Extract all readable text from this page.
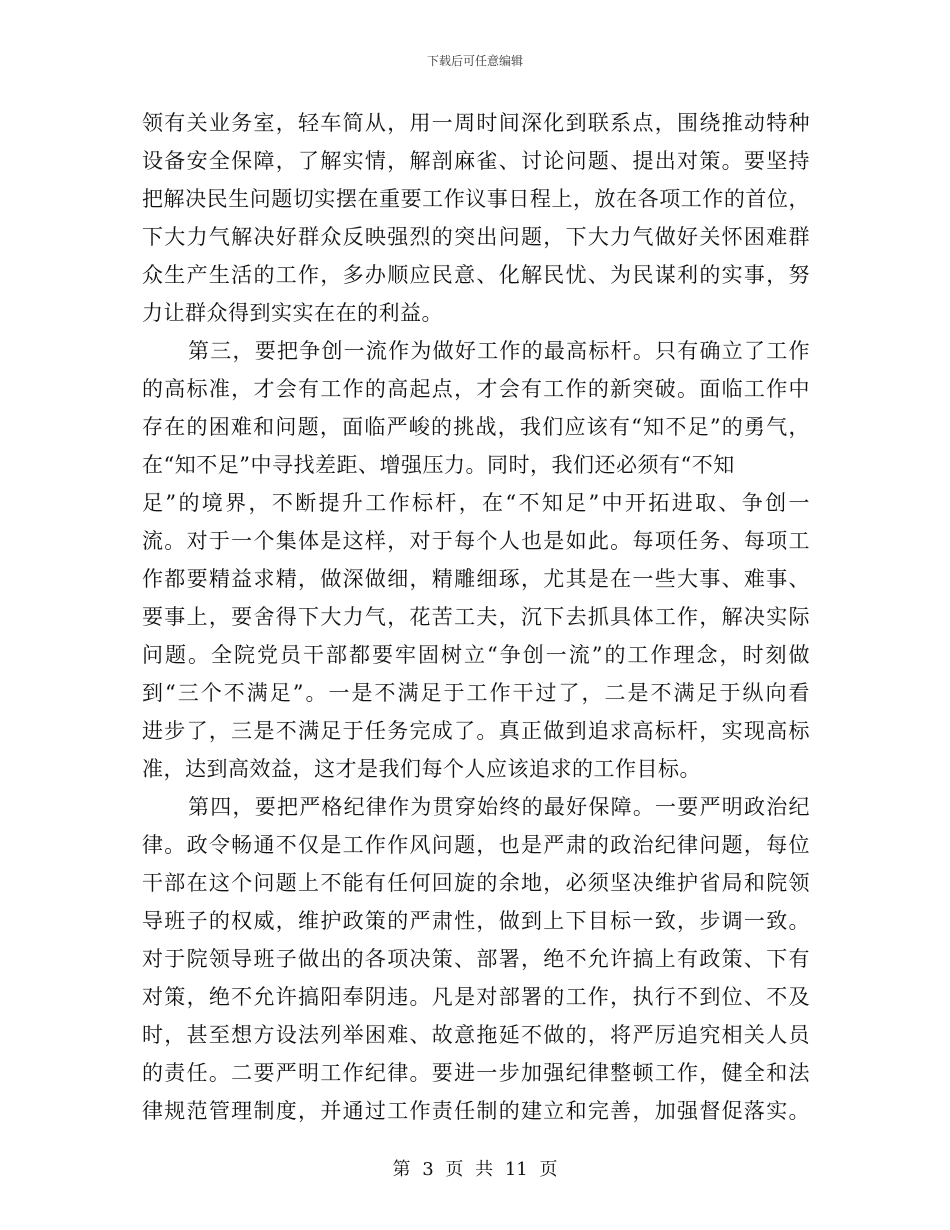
下载后可任意编辑
领有关业务室，轻车简从，用一周时间深化到联系点，围绕推动特种
设备安全保障，了解实情，解剖麻雀、讨论问题、提出对策。要坚持
把解决民生问题切实摆在重要工作议事日程上，放在各项工作的首位，
下大力气解决好群众反映强烈的突出问题，下大力气做好关怀困难群
众生产生活的工作，多办顺应民意、化解民忧、为民谋利的实事，努
力让群众得到实实在在的利益。
第三，要把争创一流作为做好工作的最高标杆。只有确立了工作
的高标准，才会有工作的高起点，才会有工作的新突破。面临工作中
存在的困难和问题，面临严峻的挑战，我们应该有“知不足”的勇气，
在“知不足”中寻找差距、增强压力。同时，我们还必须有“不知
足”的境界，不断提升工作标杆，在“不知足”中开拓进取、争创一
流。对于一个集体是这样，对于每个人也是如此。每项任务、每项工
作都要精益求精，做深做细，精雕细琢，尤其是在一些大事、难事、
要事上，要舍得下大力气，花苦工夫，沉下去抓具体工作，解决实际
问题。全院党员干部都要牢固树立“争创一流”的工作理念，时刻做
到“三个不满足”。一是不满足于工作干过了，二是不满足于纵向看
进步了，三是不满足于任务完成了。真正做到追求高标杆，实现高标
准，达到高效益，这才是我们每个人应该追求的工作目标。
第四，要把严格纪律作为贯穿始终的最好保障。一要严明政治纪
律。政令畅通不仅是工作作风问题，也是严肃的政治纪律问题，每位
干部在这个问题上不能有任何回旋的余地，必须坚决维护省局和院领
导班子的权威，维护政策的严肃性，做到上下目标一致，步调一致。
对于院领导班子做出的各项决策、部署，绝不允许搞上有政策、下有
对策，绝不允许搞阳奉阴违。凡是对部署的工作，执行不到位、不及
时，甚至想方设法列举困难、故意拖延不做的，将严厉追究相关人员
的责任。二要严明工作纪律。要进一步加强纪律整顿工作，健全和法
律规范管理制度，并通过工作责任制的建立和完善，加强督促落实。
第 3 页 共 11 页
